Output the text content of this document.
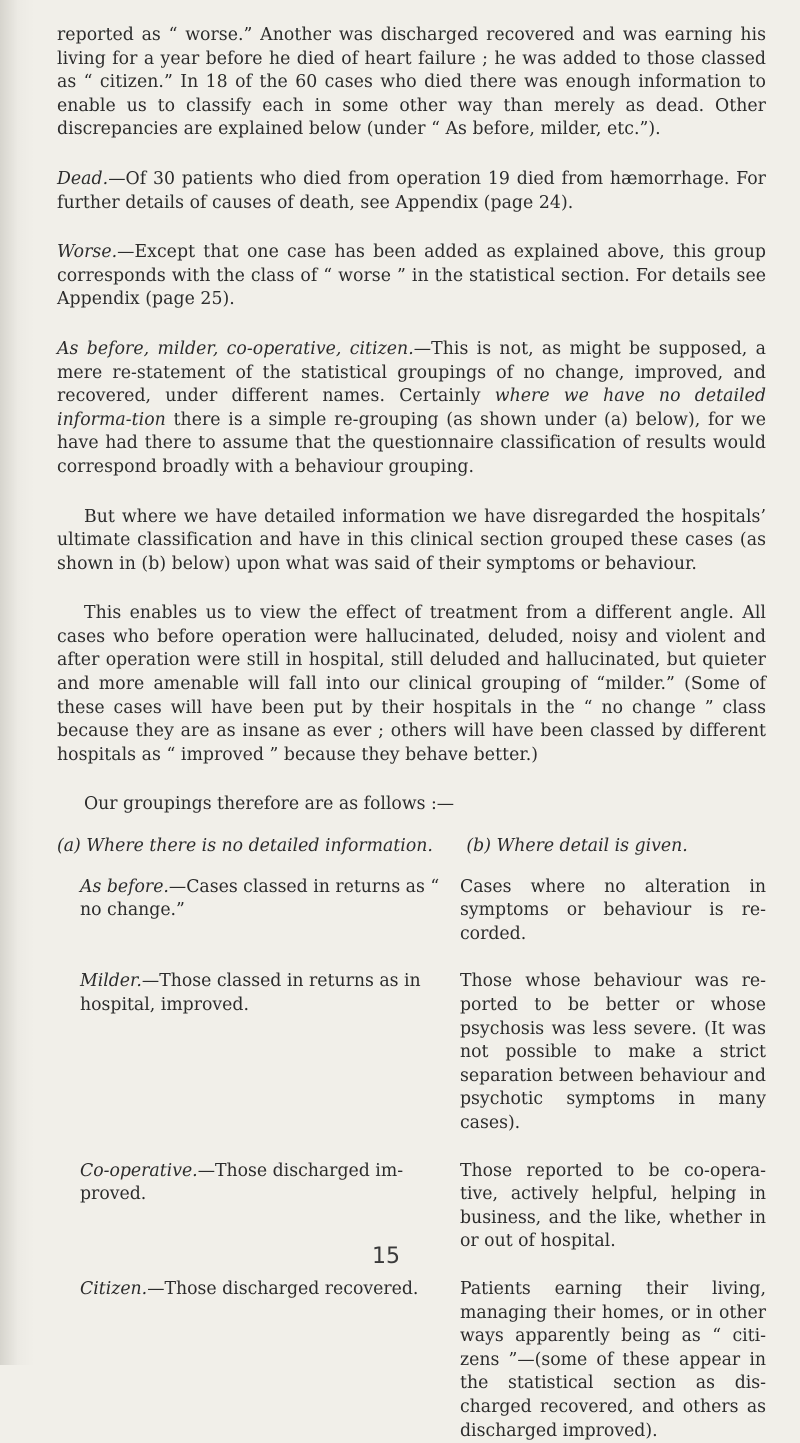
reported as “ worse.” Another was discharged recovered and was earning his living for a year before he died of heart failure ; he was added to those classed as “ citizen.” In 18 of the 60 cases who died there was enough information to enable us to classify each in some other way than merely as dead. Other discrepancies are explained below (under “ As before, milder, etc.”).

Dead.—Of 30 patients who died from operation 19 died from hæmorrhage. For further details of causes of death, see Appendix (page 24).

Worse.—Except that one case has been added as explained above, this group corresponds with the class of “ worse ” in the statistical section. For details see Appendix (page 25).

As before, milder, co-operative, citizen.—This is not, as might be supposed, a mere re-statement of the statistical groupings of no change, improved, and recovered, under different names. Certainly where we have no detailed informa-tion there is a simple re-grouping (as shown under (a) below), for we have had there to assume that the questionnaire classification of results would correspond broadly with a behaviour grouping.

But where we have detailed information we have disregarded the hospitals’ ultimate classification and have in this clinical section grouped these cases (as shown in (b) below) upon what was said of their symptoms or behaviour.

This enables us to view the effect of treatment from a different angle. All cases who before operation were hallucinated, deluded, noisy and violent and after operation were still in hospital, still deluded and hallucinated, but quieter and more amenable will fall into our clinical grouping of “milder.” (Some of these cases will have been put by their hospitals in the “ no change ” class because they are as insane as ever ; others will have been classed by different hospitals as “ improved ” because they behave better.)

Our groupings therefore are as follows :—
(a) Where there is no detailed information.	(b) Where detail is given.
As before.—Cases classed in returns as “ no change.”
Cases where no alteration in symptoms or behaviour is re-corded.
Milder.—Those classed in returns as in hospital, improved.
Those whose behaviour was re-ported to be better or whose psychosis was less severe. (It was not possible to make a strict separation between behaviour and psychotic symptoms in many cases).
Co-operative.—Those discharged im-proved.
Those reported to be co-opera-tive, actively helpful, helping in business, and the like, whether in or out of hospital.
Citizen.—Those discharged recovered.	Patients earning their living, managing their homes, or in other ways apparently being as “ citi-zens ”—(some of these appear in the statistical section as dis-charged recovered, and others as discharged improved).
15
